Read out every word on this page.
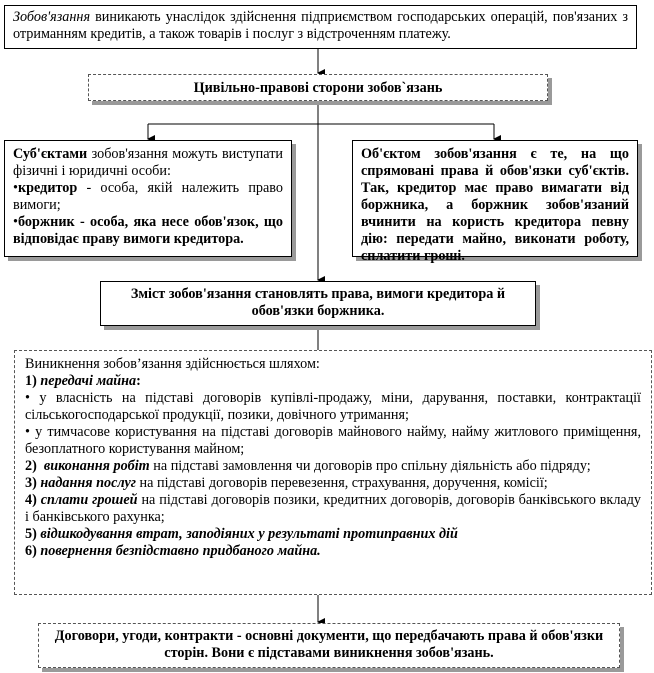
Зобов'язання виникають унаслідок здійснення підприємством господарських операцій, пов'язаних з отриманням кредитів, а також товарів і послуг з відстроченням платежу.
Цивільно-правові сторони зобов`язань

Суб'єктами зобов'язання можуть виступати фізичні і юридичні особи:

•кредитор - особа, якій належить право вимоги;

•боржник - особа, яка несе обов'язок, що відповідає праву вимоги кредитора.

Об'єктом зобов'язання є те, на що спрямовані права й обов'язки суб'єктів. Так, кредитор має право вимагати від боржника, а боржник зобов'язаний вчинити на користь кредитора певну дію: передати майно, виконати роботу, сплатити гроші.
Зміст зобов'язання становлять права, вимоги кредитора й обов'язки боржника.

Виникнення зобов’язання здійснюється шляхом:

1) передачі майна:

• у власність на підставі договорів купівлі-продажу, міни, дарування, поставки, контрактації сільськогосподарської продукції, позики, довічного утримання;

• у тимчасове користування на підставі договорів майнового найму, найму житлового приміщення, безоплатного користування майном;

2) виконання робіт на підставі замовлення чи договорів про спільну діяльність або підряду;

3) надання послуг на підставі договорів перевезення, страхування, доручення, комісії;

4) сплати грошей на підставі договорів позики, кредитних договорів, договорів банківського вкладу і банківського рахунка;

5) відшкодування втрат, заподіяних у результаті протиправних дій

6) повернення безпідставно придбаного майна.

Договори, угоди, контракти - основні документи, що передбачають права й обов'язки сторін. Вони є підставами виникнення зобов'язань.
